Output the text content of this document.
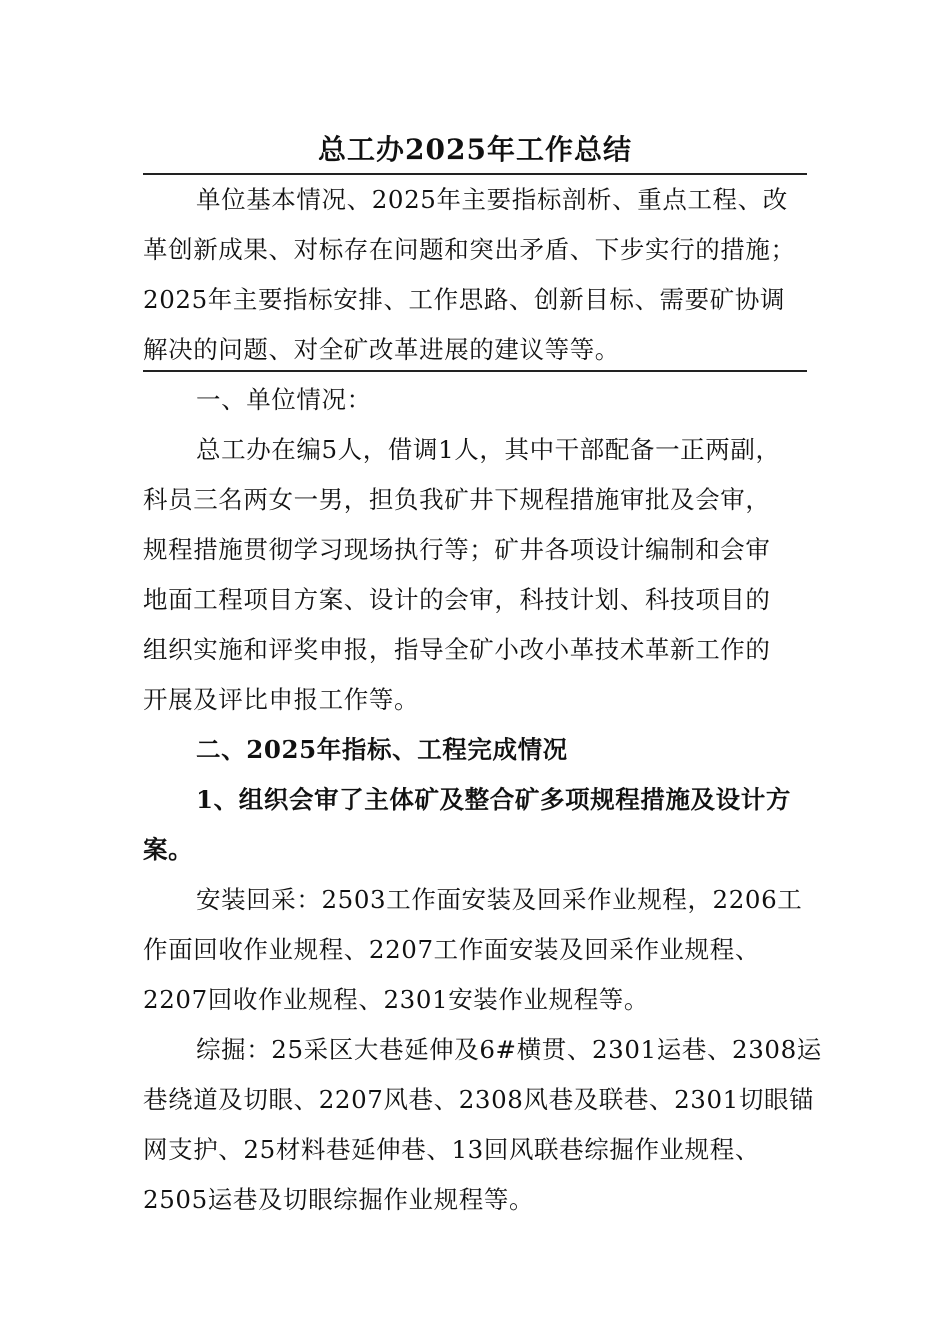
总工办2025年工作总结

单位基本情况、2025年主要指标剖析、重点工程、改

革创新成果、对标存在问题和突出矛盾、下步实行的措施；

2025年主要指标安排、工作思路、创新目标、需要矿协调

解决的问题、对全矿改革进展的建议等等。

一、单位情况：

总工办在编5人，借调1人，其中干部配备一正两副，

科员三名两女一男，担负我矿井下规程措施审批及会审，

规程措施贯彻学习现场执行等；矿井各项设计编制和会审

地面工程项目方案、设计的会审，科技计划、科技项目的

组织实施和评奖申报，指导全矿小改小革技术革新工作的

开展及评比申报工作等。

二、2025年指标、工程完成情况

1、组织会审了主体矿及整合矿多项规程措施及设计方

案。

安装回采：2503工作面安装及回采作业规程，2206工

作面回收作业规程、2207工作面安装及回采作业规程、

2207回收作业规程、2301安装作业规程等。

综掘：25采区大巷延伸及6#横贯、2301运巷、2308运

巷绕道及切眼、2207风巷、2308风巷及联巷、2301切眼锚

网支护、25材料巷延伸巷、13回风联巷综掘作业规程、

2505运巷及切眼综掘作业规程等。
